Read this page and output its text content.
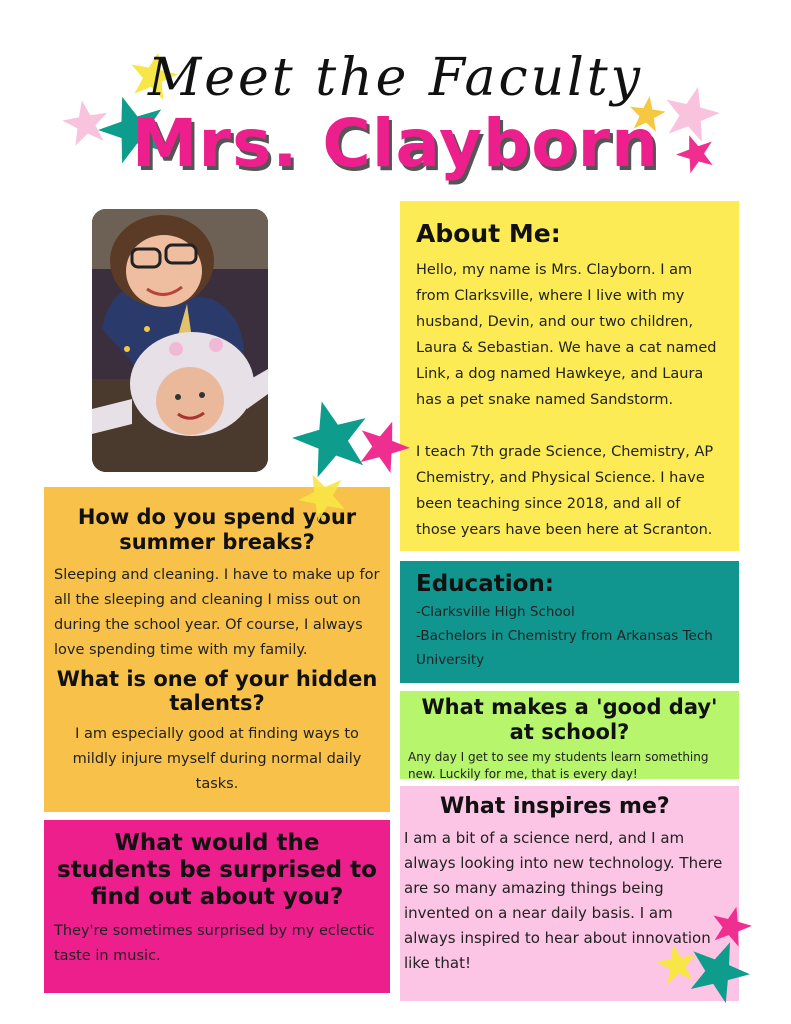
Meet the Faculty
Mrs. Clayborn
About Me:
Hello, my name is Mrs. Clayborn. I am from Clarksville, where I live with my husband, Devin, and our two children, Laura & Sebastian. We have a cat named Link, a dog named Hawkeye, and Laura has a pet snake named Sandstorm.
I teach 7th grade Science, Chemistry, AP Chemistry, and Physical Science. I have been teaching since 2018, and all of those years have been here at Scranton.
Education:
-Clarksville High School
-Bachelors in Chemistry from Arkansas Tech University
What makes a 'good day' at school?
Any day I get to see my students learn something new. Luckily for me, that is every day!
What inspires me?
I am a bit of a science nerd, and I am always looking into new technology. There are so many amazing things being invented on a near daily basis. I am always inspired to hear about innovation like that!
How do you spend your summer breaks?
Sleeping and cleaning. I have to make up for all the sleeping and cleaning I miss out on during the school year. Of course, I always love spending time with my family.
What is one of your hidden talents?
I am especially good at finding ways to mildly injure myself during normal daily tasks.
What would the students be surprised to find out about you?
They're sometimes surprised by my eclectic taste in music.
